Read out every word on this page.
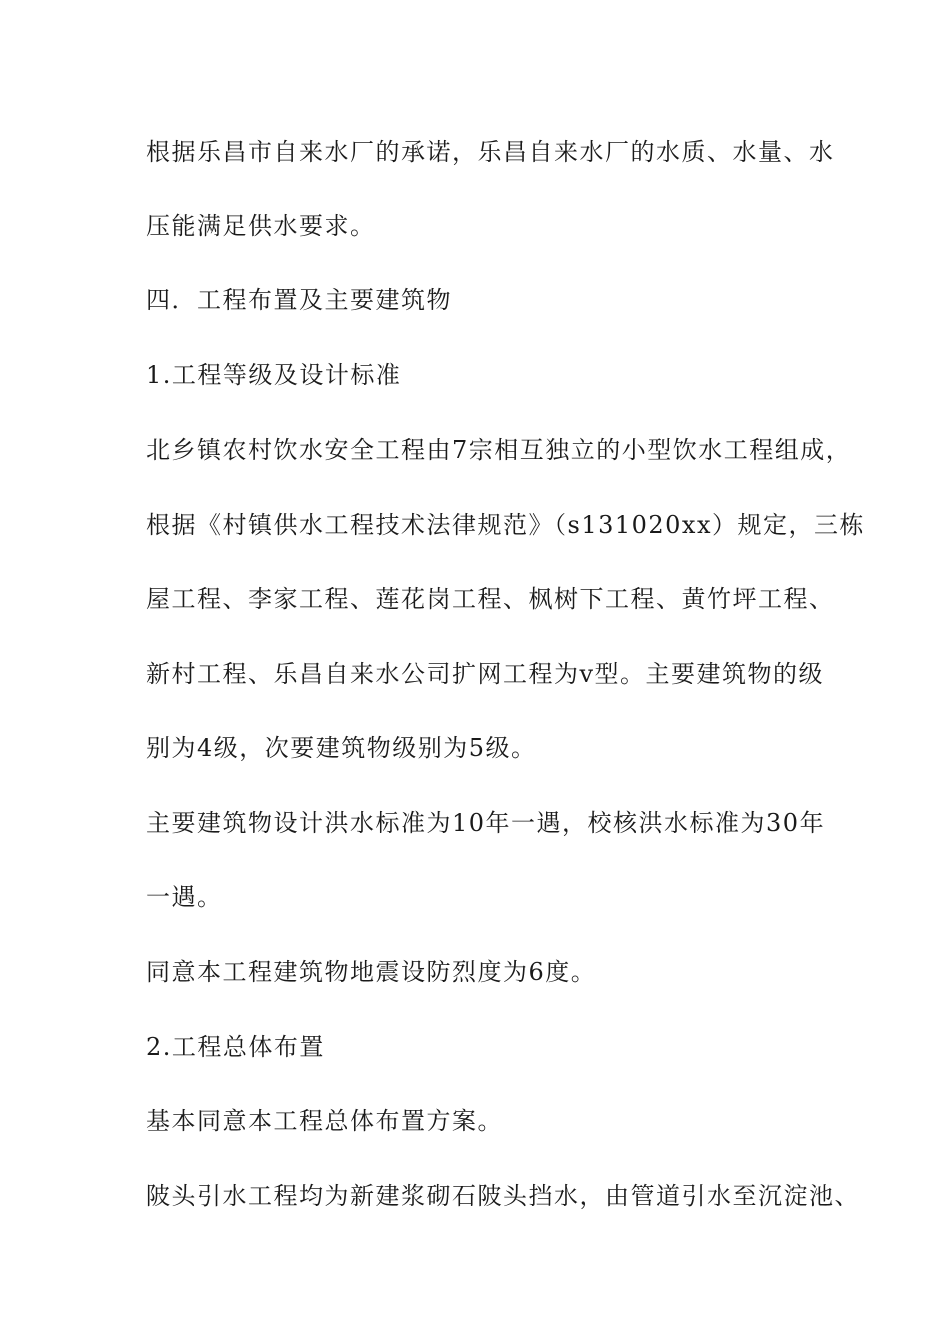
根据乐昌市自来水厂的承诺，乐昌自来水厂的水质、水量、水
压能满足供水要求。
四．工程布置及主要建筑物
1.工程等级及设计标准
北乡镇农村饮水安全工程由7宗相互独立的小型饮水工程组成，
根据《村镇供水工程技术法律规范》（s131020xx）规定，三栋
屋工程、李家工程、莲花岗工程、枫树下工程、黄竹坪工程、
新村工程、乐昌自来水公司扩网工程为v型。主要建筑物的级
别为4级，次要建筑物级别为5级。
主要建筑物设计洪水标准为10年一遇，校核洪水标准为30年
一遇。
同意本工程建筑物地震设防烈度为6度。
2.工程总体布置
基本同意本工程总体布置方案。
陂头引水工程均为新建浆砌石陂头挡水，由管道引水至沉淀池、
